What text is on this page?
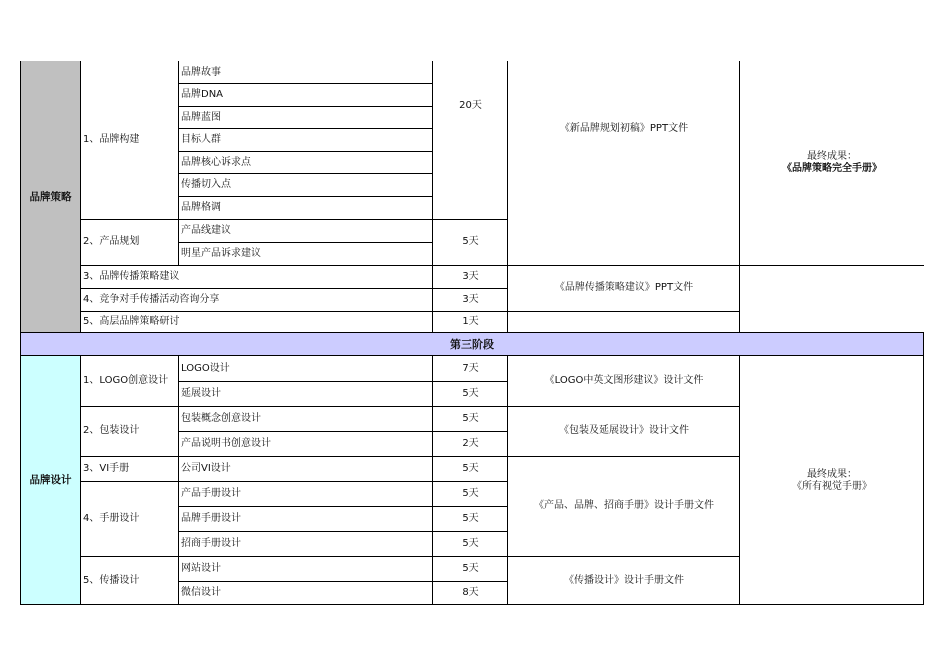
品牌策略
第三阶段
品牌设计
1、品牌构建
2、产品规划
3、品牌传播策略建议
4、竞争对手传播活动咨询分享
5、高层品牌策略研讨
品牌故事
品牌DNA
品牌蓝图
目标人群
品牌核心诉求点
传播切入点
品牌格调
产品线建议
明星产品诉求建议
20天
5天
3天
3天
1天
《新品牌规划初稿》PPT文件
《品牌传播策略建议》PPT文件
最终成果：
《品牌策略完全手册》
1、LOGO创意设计
2、包装设计
3、VI手册
4、手册设计
5、传播设计
LOGO设计
延展设计
包装概念创意设计
产品说明书创意设计
公司VI设计
产品手册设计
品牌手册设计
招商手册设计
网站设计
微信设计
7天
5天
5天
2天
5天
5天
5天
5天
5天
8天
《LOGO中英文图形建议》设计文件
《包装及延展设计》设计文件
《产品、品牌、招商手册》设计手册文件
《传播设计》设计手册文件
最终成果：
《所有视觉手册》
